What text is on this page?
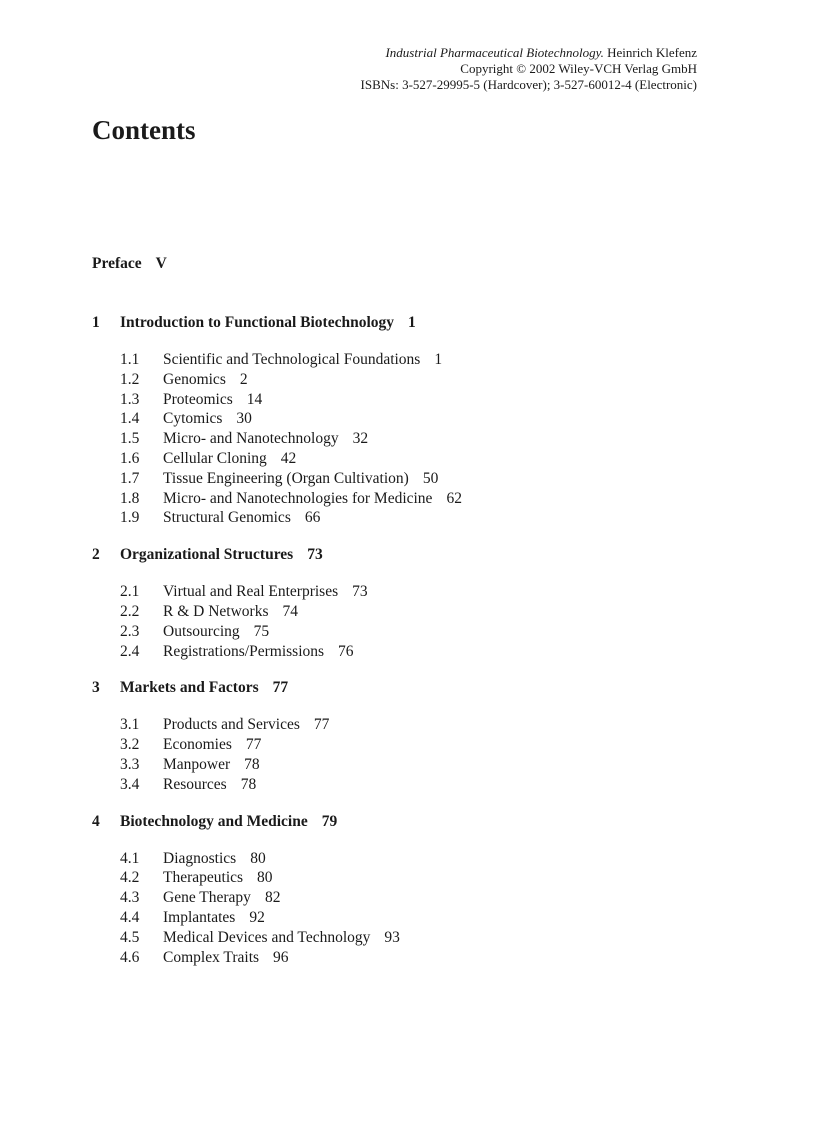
Industrial Pharmaceutical Biotechnology. Heinrich Klefenz
Copyright © 2002 Wiley-VCH Verlag GmbH
ISBNs: 3-527-29995-5 (Hardcover); 3-527-60012-4 (Electronic)
Contents
Preface V
1 Introduction to Functional Biotechnology 1
1.1 Scientific and Technological Foundations 1
1.2 Genomics 2
1.3 Proteomics 14
1.4 Cytomics 30
1.5 Micro- and Nanotechnology 32
1.6 Cellular Cloning 42
1.7 Tissue Engineering (Organ Cultivation) 50
1.8 Micro- and Nanotechnologies for Medicine 62
1.9 Structural Genomics 66
2 Organizational Structures 73
2.1 Virtual and Real Enterprises 73
2.2 R & D Networks 74
2.3 Outsourcing 75
2.4 Registrations/Permissions 76
3 Markets and Factors 77
3.1 Products and Services 77
3.2 Economies 77
3.3 Manpower 78
3.4 Resources 78
4 Biotechnology and Medicine 79
4.1 Diagnostics 80
4.2 Therapeutics 80
4.3 Gene Therapy 82
4.4 Implantates 92
4.5 Medical Devices and Technology 93
4.6 Complex Traits 96
